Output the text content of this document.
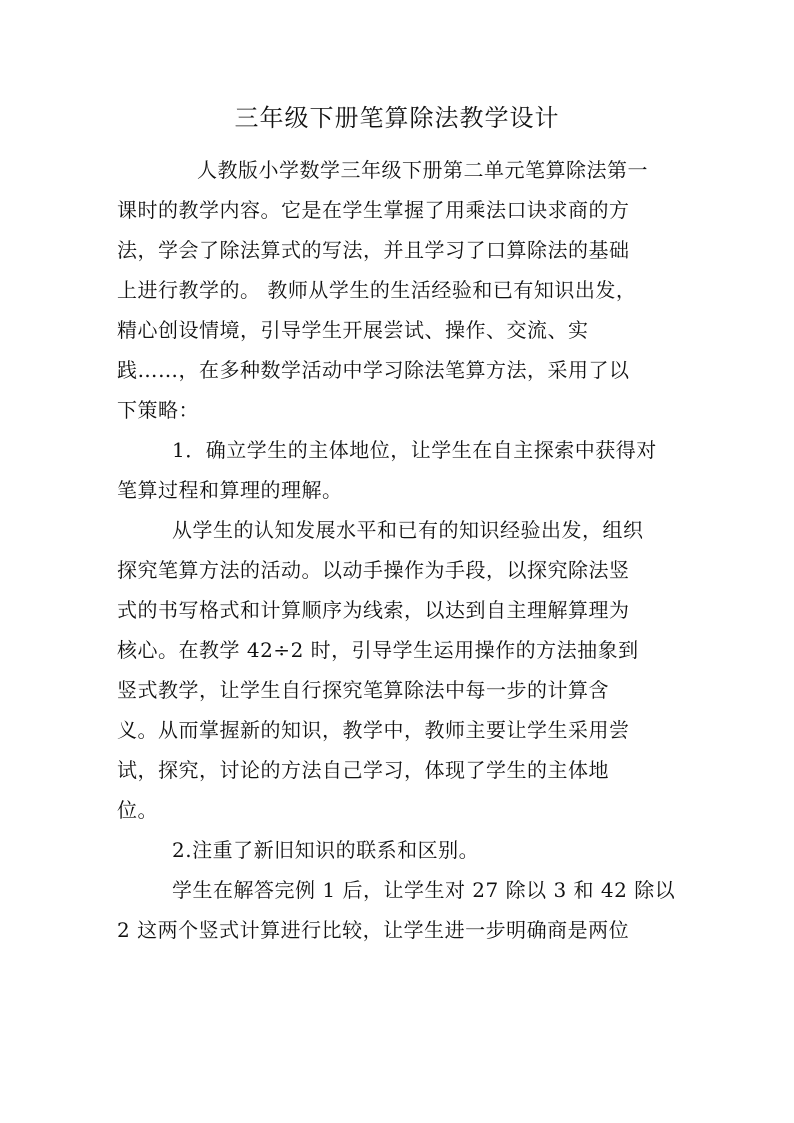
三年级下册笔算除法教学设计
人教版小学数学三年级下册第二单元笔算除法第一
课时的教学内容。它是在学生掌握了用乘法口诀求商的方
法，学会了除法算式的写法，并且学习了口算除法的基础
上进行教学的。 教师从学生的生活经验和已有知识出发，
精心创设情境，引导学生开展尝试、操作、交流、实
践……，在多种数学活动中学习除法笔算方法，采用了以
下策略：
1．确立学生的主体地位，让学生在自主探索中获得对
笔算过程和算理的理解。
从学生的认知发展水平和已有的知识经验出发，组织
探究笔算方法的活动。以动手操作为手段，以探究除法竖
式的书写格式和计算顺序为线索，以达到自主理解算理为
核心。在教学 42÷2 时，引导学生运用操作的方法抽象到
竖式教学，让学生自行探究笔算除法中每一步的计算含
义。从而掌握新的知识，教学中，教师主要让学生采用尝
试，探究，讨论的方法自己学习，体现了学生的主体地
位。
2.注重了新旧知识的联系和区别。
学生在解答完例 1 后，让学生对 27 除以 3 和 42 除以
2 这两个竖式计算进行比较，让学生进一步明确商是两位
